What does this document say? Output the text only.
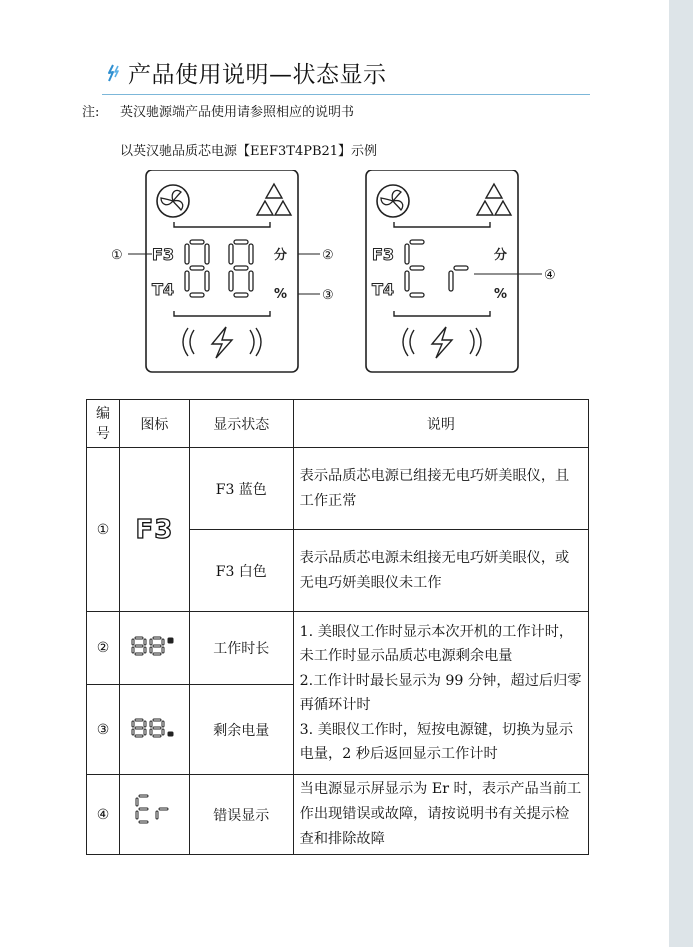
产品使用说明—状态显示
注: 英汉驰源端产品使用请参照相应的说明书
以英汉驰品质芯电源【EEF3T4PB21】示例
F3
T4
分
%
①	②
③
F3
T4
分
%
④
编号	图标	显示状态	说明
①	F3	F3 蓝色	表示品质芯电源已组接无电巧妍美眼仪，且工作正常
		F3 白色	表示品质芯电源未组接无电巧妍美眼仪，或无电巧妍美眼仪未工作
②		工作时长	1. 美眼仪工作时显示本次开机的工作计时，未工作时显示品质芯电源剩余电量
2.工作计时最长显示为 99 分钟，超过后归零再循环计时
3. 美眼仪工作时，短按电源键，切换为显示电量，2 秒后返回显示工作计时

③		剩余电量	
④		错误显示	当电源显示屏显示为 Er 时，表示产品当前工作出现错误或故障，请按说明书有关提示检查和排除故障
